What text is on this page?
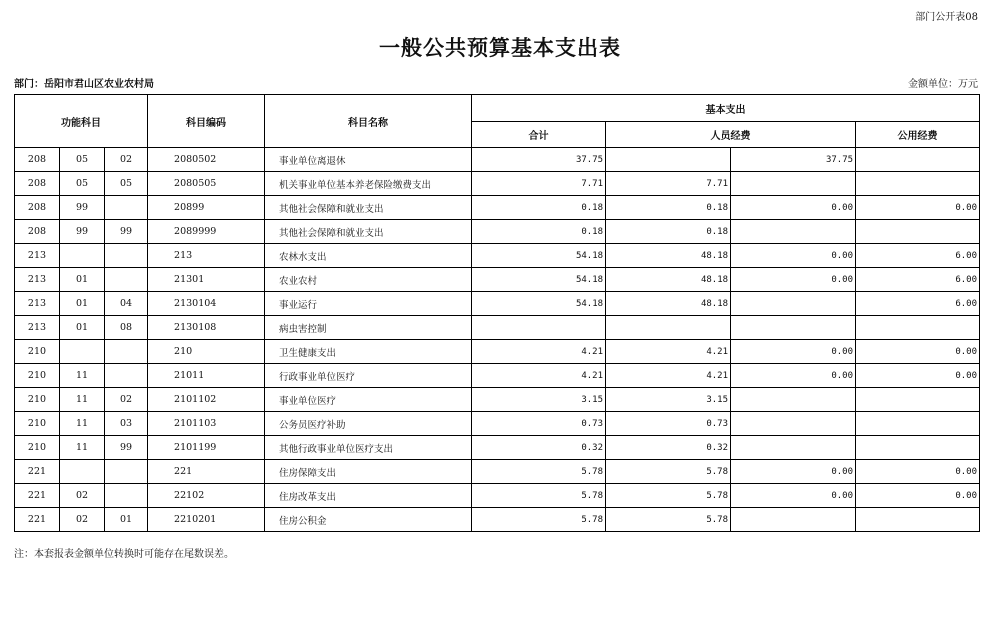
部门公开表08
一般公共预算基本支出表
部门：岳阳市君山区农业农村局	金额单位：万元
功能科目			科目编码	科目名称	基本支出			
					合计	人员经费		公用经费
208	05	02	2080502	事业单位离退休	37.75		37.75	
208	05	05	2080505	机关事业单位基本养老保险缴费支出	7.71	7.71		
208	99		20899	其他社会保障和就业支出	0.18	0.18	0.00	0.00
208	99	99	2089999	其他社会保障和就业支出	0.18	0.18		
213			213	农林水支出	54.18	48.18	0.00	6.00
213	01		21301	农业农村	54.18	48.18	0.00	6.00
213	01	04	2130104	事业运行	54.18	48.18		6.00
213	01	08	2130108	病虫害控制				
210			210	卫生健康支出	4.21	4.21	0.00	0.00
210	11		21011	行政事业单位医疗	4.21	4.21	0.00	0.00
210	11	02	2101102	事业单位医疗	3.15	3.15		
210	11	03	2101103	公务员医疗补助	0.73	0.73		
210	11	99	2101199	其他行政事业单位医疗支出	0.32	0.32		
221			221	住房保障支出	5.78	5.78	0.00	0.00
221	02		22102	住房改革支出	5.78	5.78	0.00	0.00
221	02	01	2210201	住房公积金	5.78	5.78		
注：本套报表金额单位转换时可能存在尾数误差。
